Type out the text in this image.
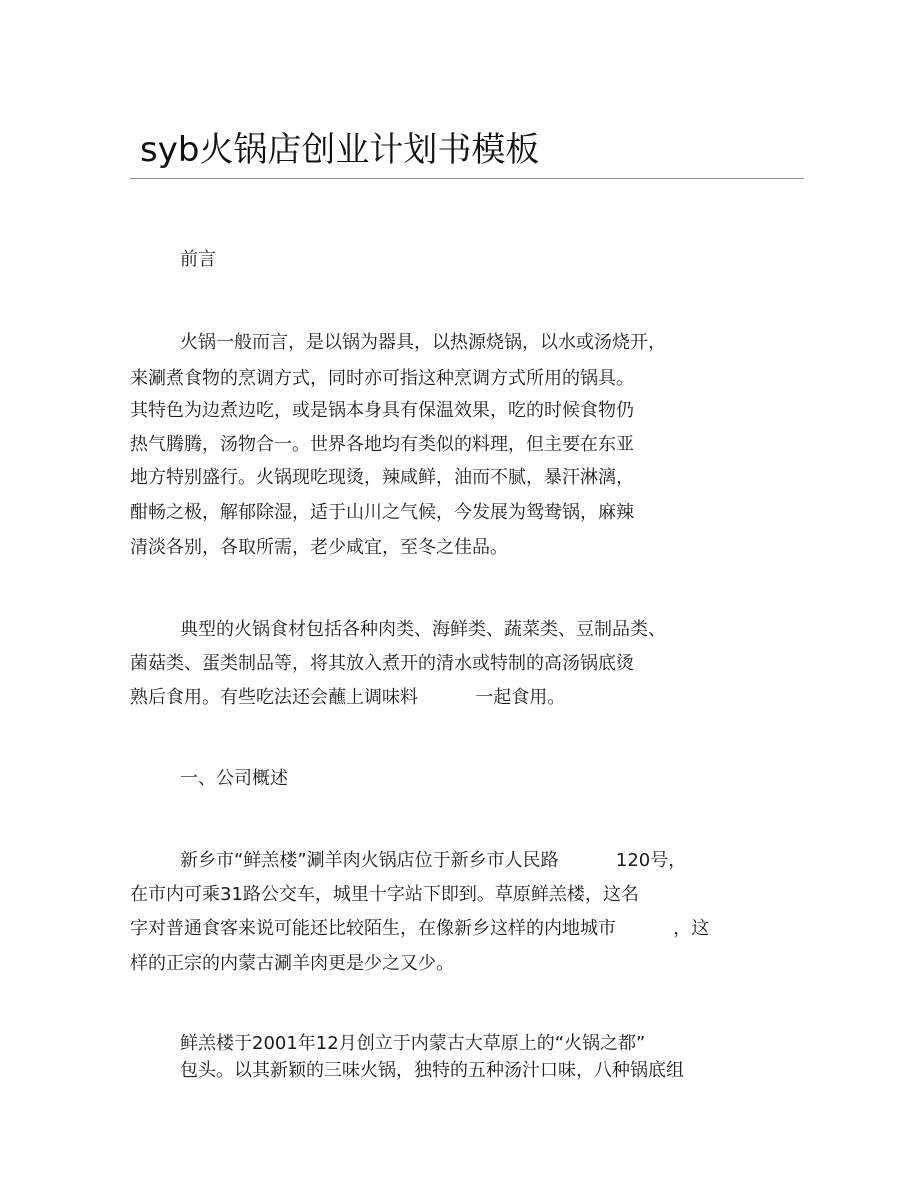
syb火锅店创业计划书模板
前言
火锅一般而言，是以锅为器具，以热源烧锅，以水或汤烧开，
来涮煮食物的烹调方式，同时亦可指这种烹调方式所用的锅具。
其特色为边煮边吃，或是锅本身具有保温效果，吃的时候食物仍
热气腾腾，汤物合一。世界各地均有类似的料理，但主要在东亚
地方特别盛行。火锅现吃现烫，辣咸鲜，油而不腻，暴汗淋漓，
酣畅之极，解郁除湿，适于山川之气候，今发展为鸳鸯锅，麻辣
清淡各别，各取所需，老少咸宜，至冬之佳品。
典型的火锅食材包括各种肉类、海鲜类、蔬菜类、豆制品类、
菌菇类、蛋类制品等，将其放入煮开的清水或特制的高汤锅底烫
熟后食用。有些吃法还会蘸上调味料          一起食用。
一、公司概述
新乡市“鲜羔楼”涮羊肉火锅店位于新乡市人民路          120号，
在市内可乘31路公交车，城里十字站下即到。草原鲜羔楼，这名
字对普通食客来说可能还比较陌生，在像新乡这样的内地城市          ，这
样的正宗的内蒙古涮羊肉更是少之又少。
鲜羔楼于2001年12月创立于内蒙古大草原上的“火锅之都”
包头。以其新颖的三味火锅，独特的五种汤汁口味，八种锅底组
